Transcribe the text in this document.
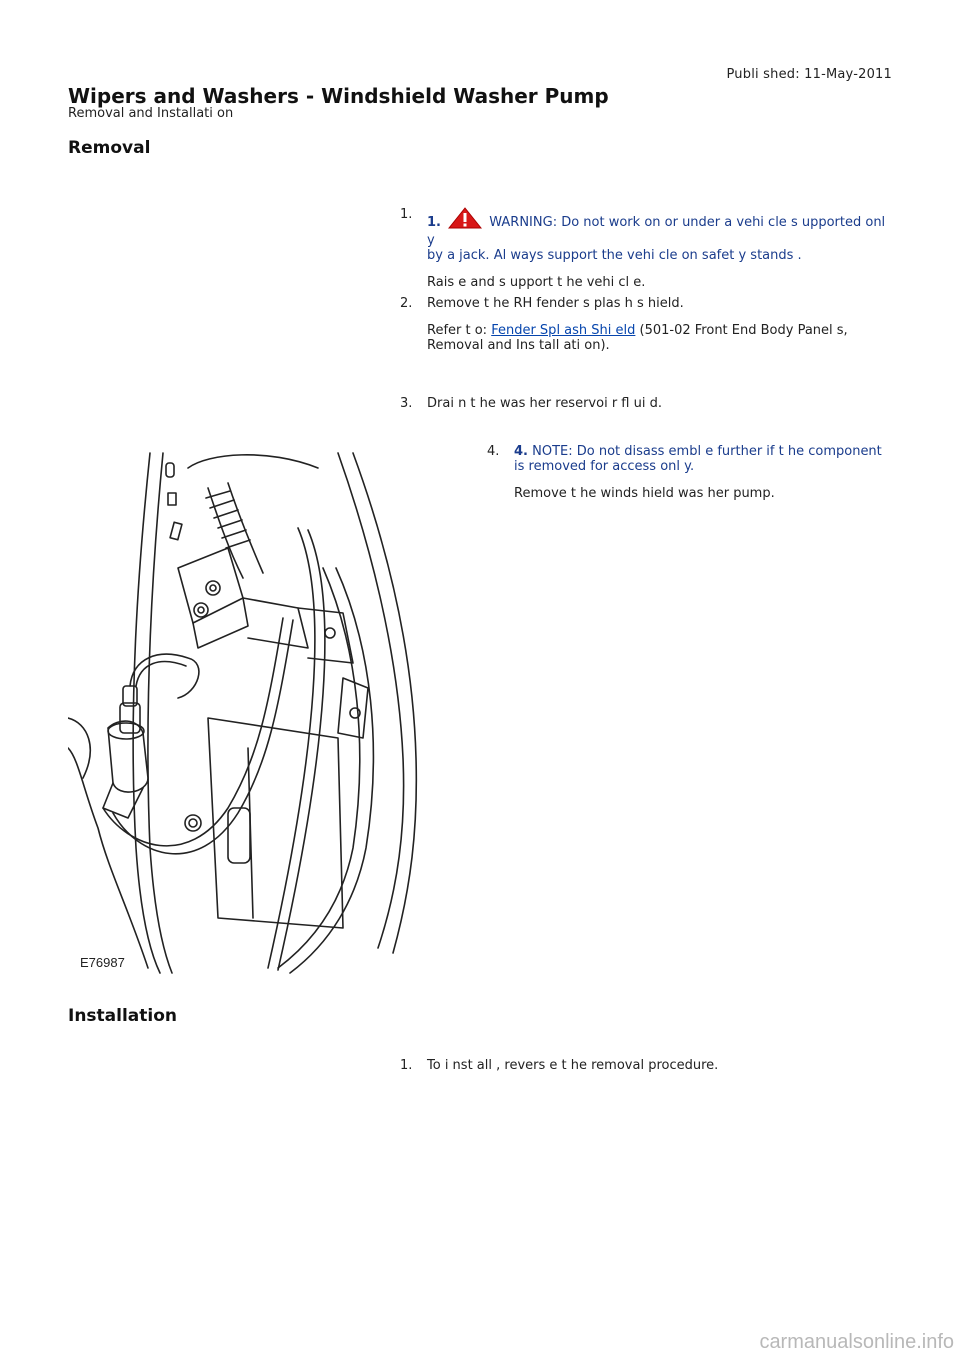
Publi shed: 11-May-2011
Wipers and Washers - Windshield Washer Pump
Removal and Installati on
Removal
1.

1.	WARNING: Do not work on or under a vehi cle s upported onl y
by a jack. Al ways support the vehi cle on safet y stands .

Rais e and s upport t he vehi cl e.

2. Remove t he RH fender s plas h s hield.

Refer t o: Fender Spl ash Shi eld (501-02 Front End Body Panel s,
Removal and Ins tall ati on).

3. Drai n t he was her reservoi r fl ui d.

4. 4. NOTE: Do not disass embl e further if t he component
is removed for access onl y.

Remove t he winds hield was her pump.

E76987
Installation
1. To i nst all , revers e t he removal procedure.

carmanualsonline.info
